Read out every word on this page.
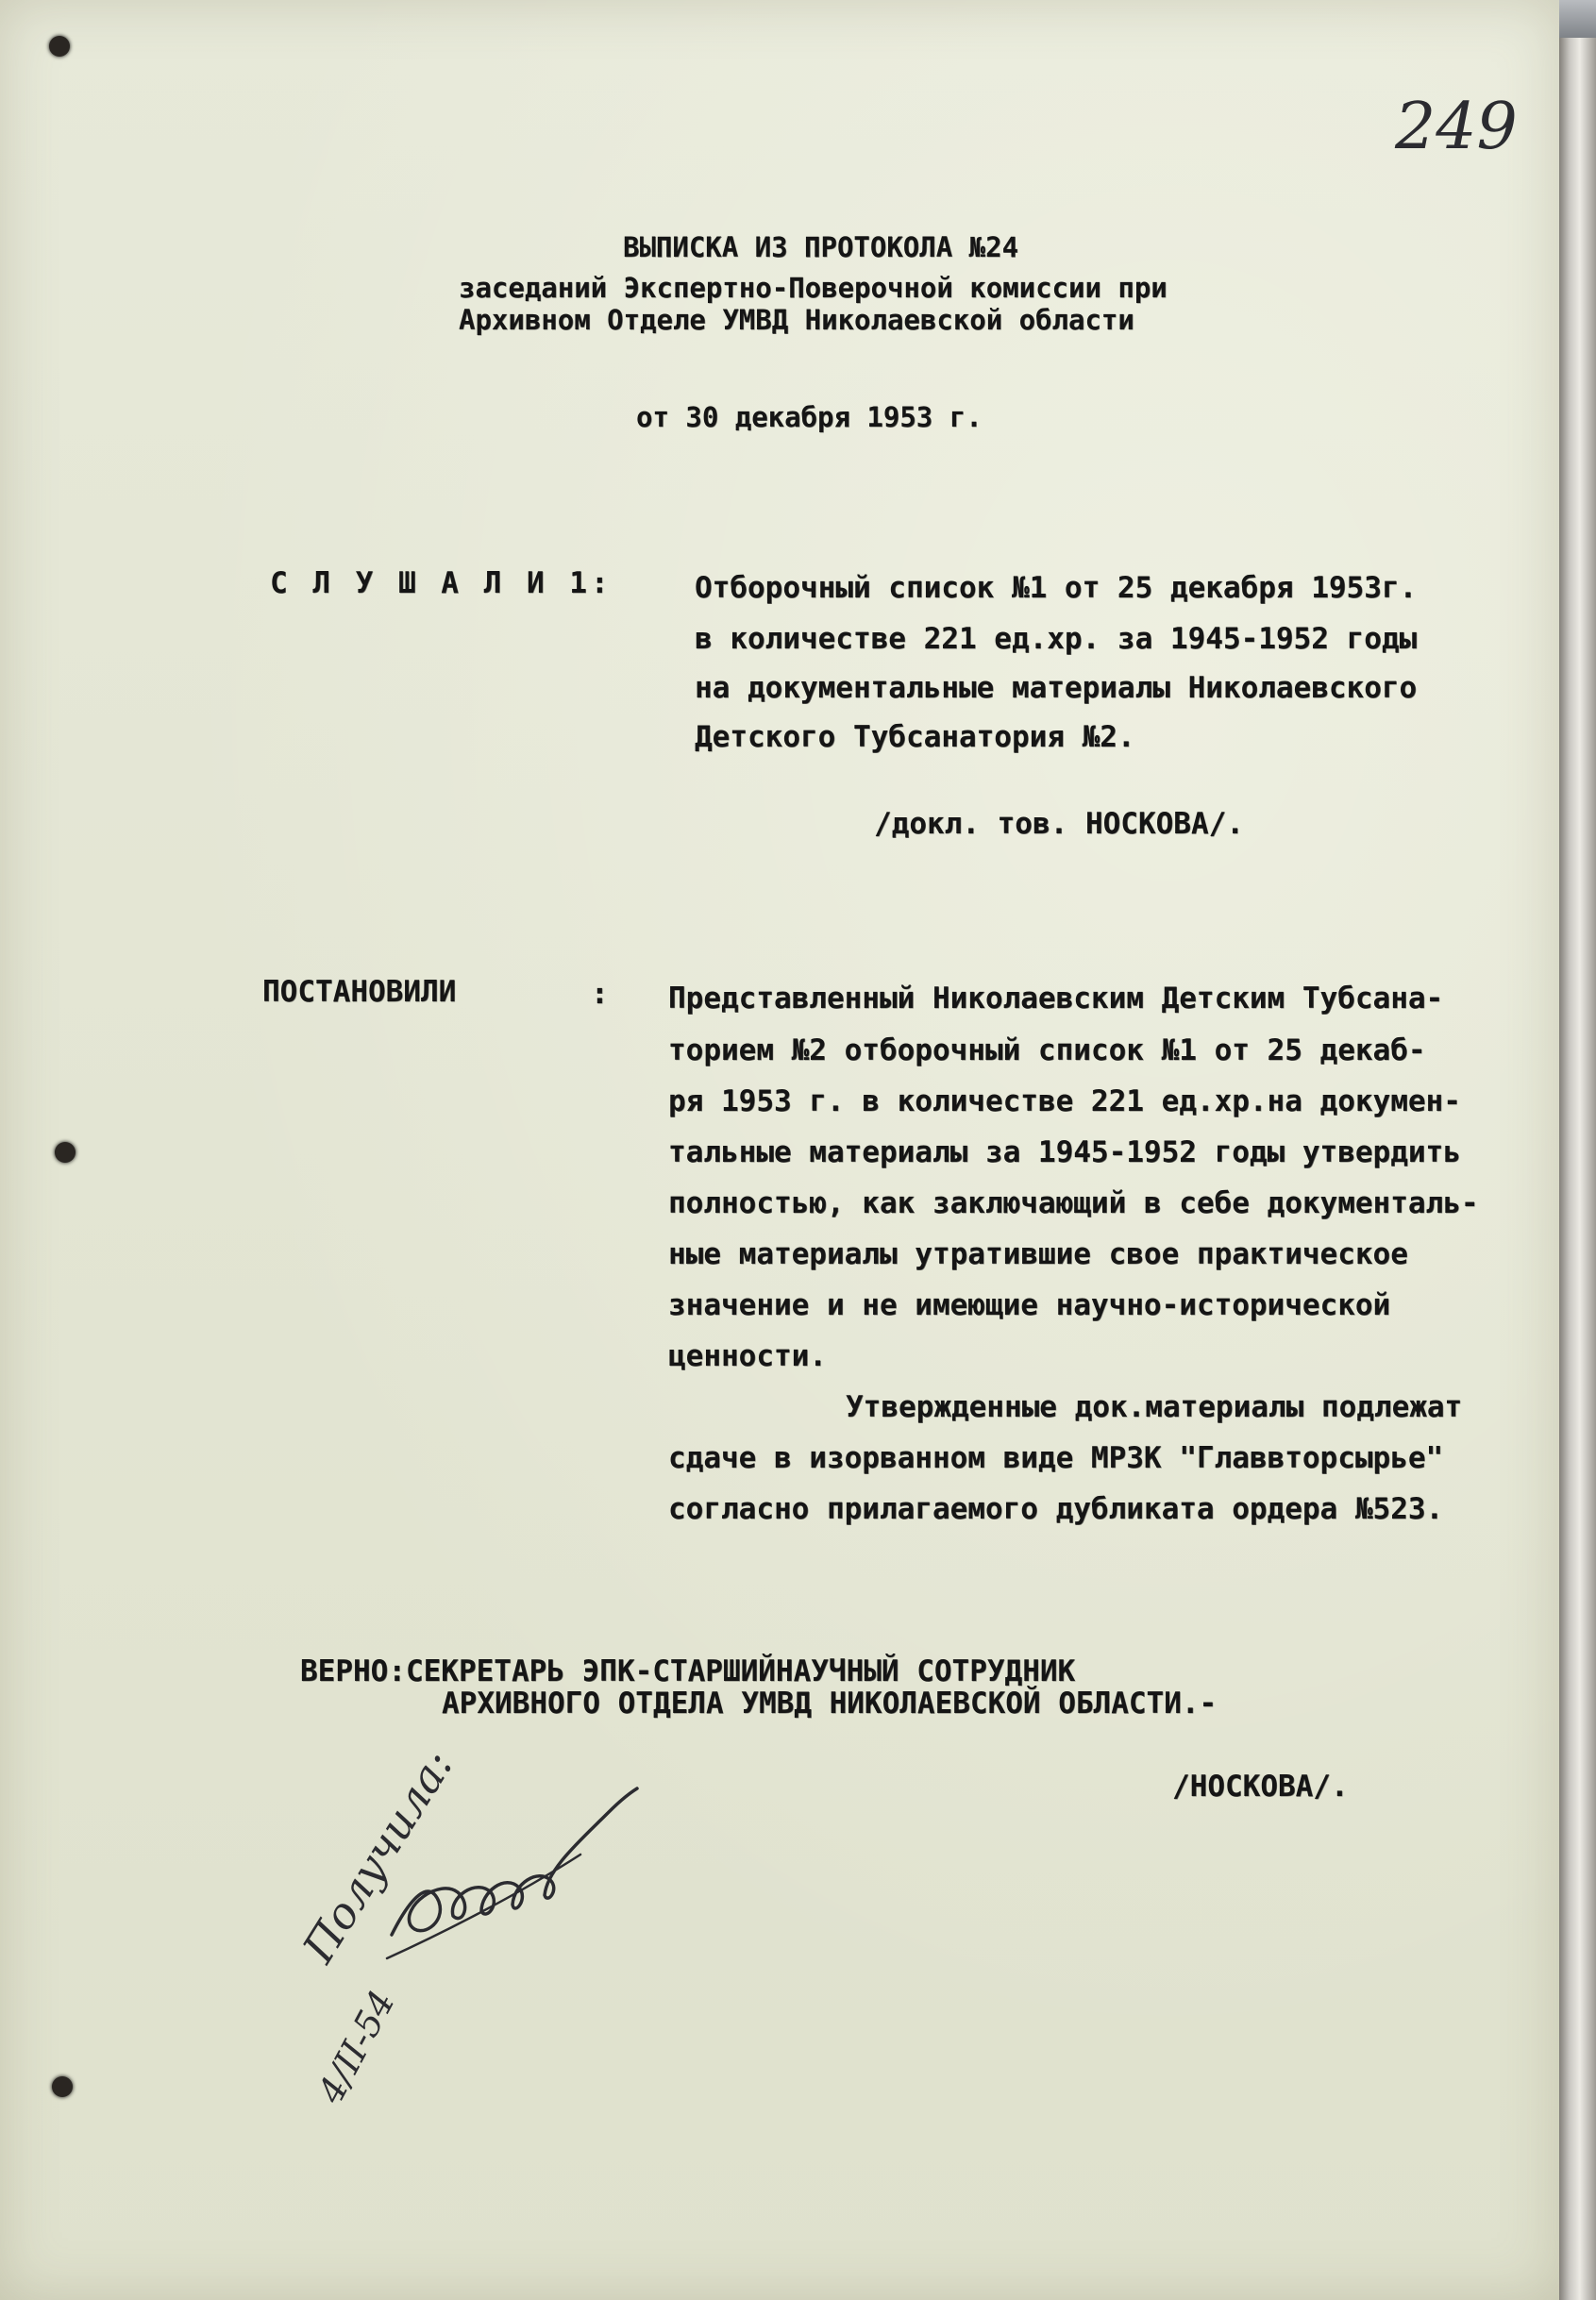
249
ВЫПИСКА ИЗ ПРОТОКОЛА №24
заседаний Экспертно-Поверочной комиссии при
Архивном Отделе УМВД Николаевской области
от 30 декабря 1953 г.
С Л У Ш А Л И 1:	Отборочный список №1 от 25 декабря 1953г.
в количестве 221 ед.хр. за 1945-1952 годы
на документальные материалы Николаевского
Детского Тубсанатория №2.
/докл. тов. НОСКОВА/.
ПОСТАНОВИЛИ	: Представленный Николаевским Детским Тубсана-
торием №2 отборочный список №1 от 25 декаб-
ря 1953 г. в количестве 221 ед.хр.на докумен-
тальные материалы за 1945-1952 годы утвердить
полностью, как заключающий в себе документаль-
ные материалы утратившие свое практическое
значение и не имеющие научно-исторической
ценности.
Утвержденные док.материалы подлежат
сдаче в изорванном виде МРЗК "Главвторсырье"
согласно прилагаемого дубликата ордера №523.
ВЕРНО:СЕКРЕТАРЬ ЭПК-СТАРШИЙНАУЧНЫЙ СОТРУДНИК
АРХИВНОГО ОТДЕЛА УМВД НИКОЛАЕВСКОЙ ОБЛАСТИ.-
/НОСКОВА/.
Получила:
4/II-54
